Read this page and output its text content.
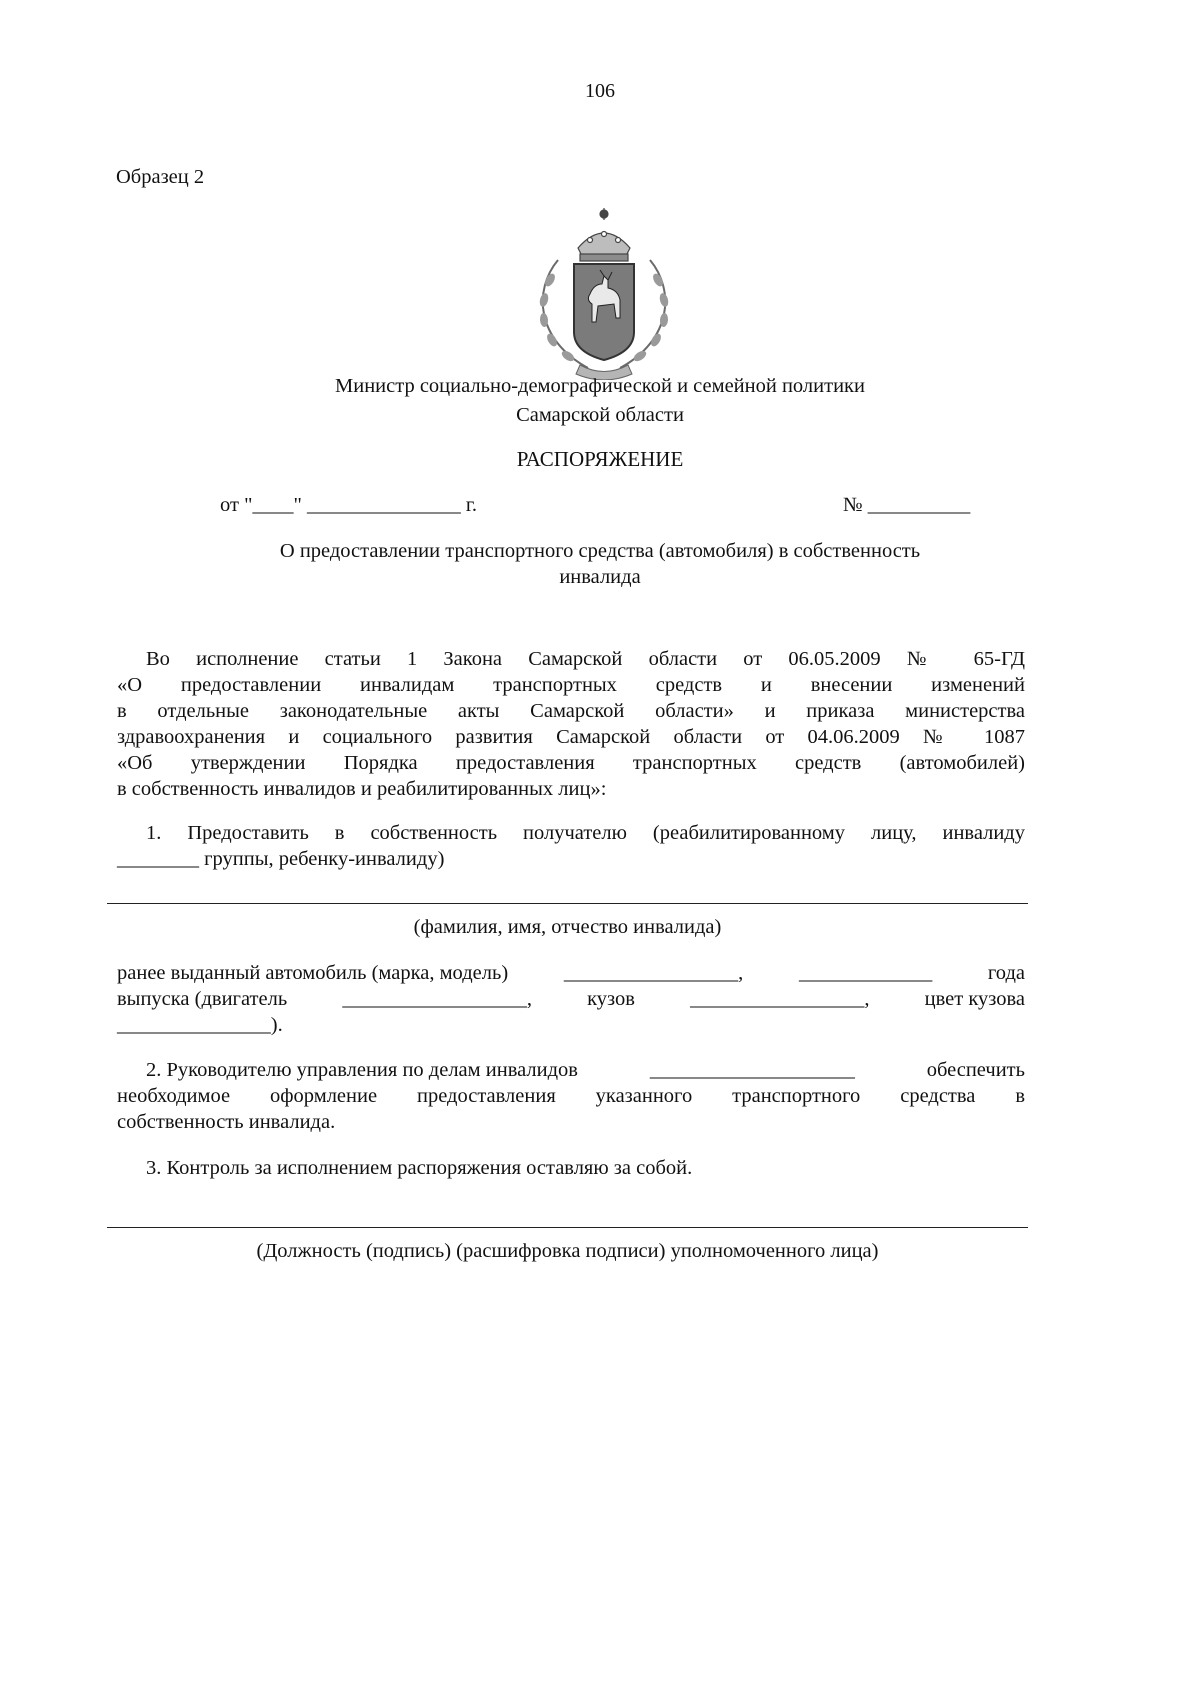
106
Образец 2
Министр социально-демографической и семейной политики
Самарской области
РАСПОРЯЖЕНИЕ
от "____" _______________ г.	№ __________
О предоставлении транспортного средства (автомобиля) в собственность
инвалида
Во исполнение статьи 1 Закона Самарской области от 06.05.2009 № 65-ГД
«О предоставлении инвалидам транспортных средств и внесении изменений
в отдельные законодательные акты Самарской области» и приказа министерства
здравоохранения и социального развития Самарской области от 04.06.2009 № 1087
«Об утверждении Порядка предоставления транспортных средств (автомобилей)
в собственность инвалидов и реабилитированных лиц»:
1. Предоставить в собственность получателю (реабилитированному лицу, инвалиду
________ группы, ребенку-инвалиду)
(фамилия, имя, отчество инвалида)
ранее выданный автомобиль (марка, модель)	_________________,	_____________	года
выпуска (двигатель	__________________,	кузов	_________________,	цвет кузова
_______________).
2. Руководителю управления по делам инвалидов	____________________	обеспечить
необходимое оформление предоставления указанного транспортного средства в
собственность инвалида.
3. Контроль за исполнением распоряжения оставляю за собой.
(Должность (подпись) (расшифровка подписи) уполномоченного лица)
